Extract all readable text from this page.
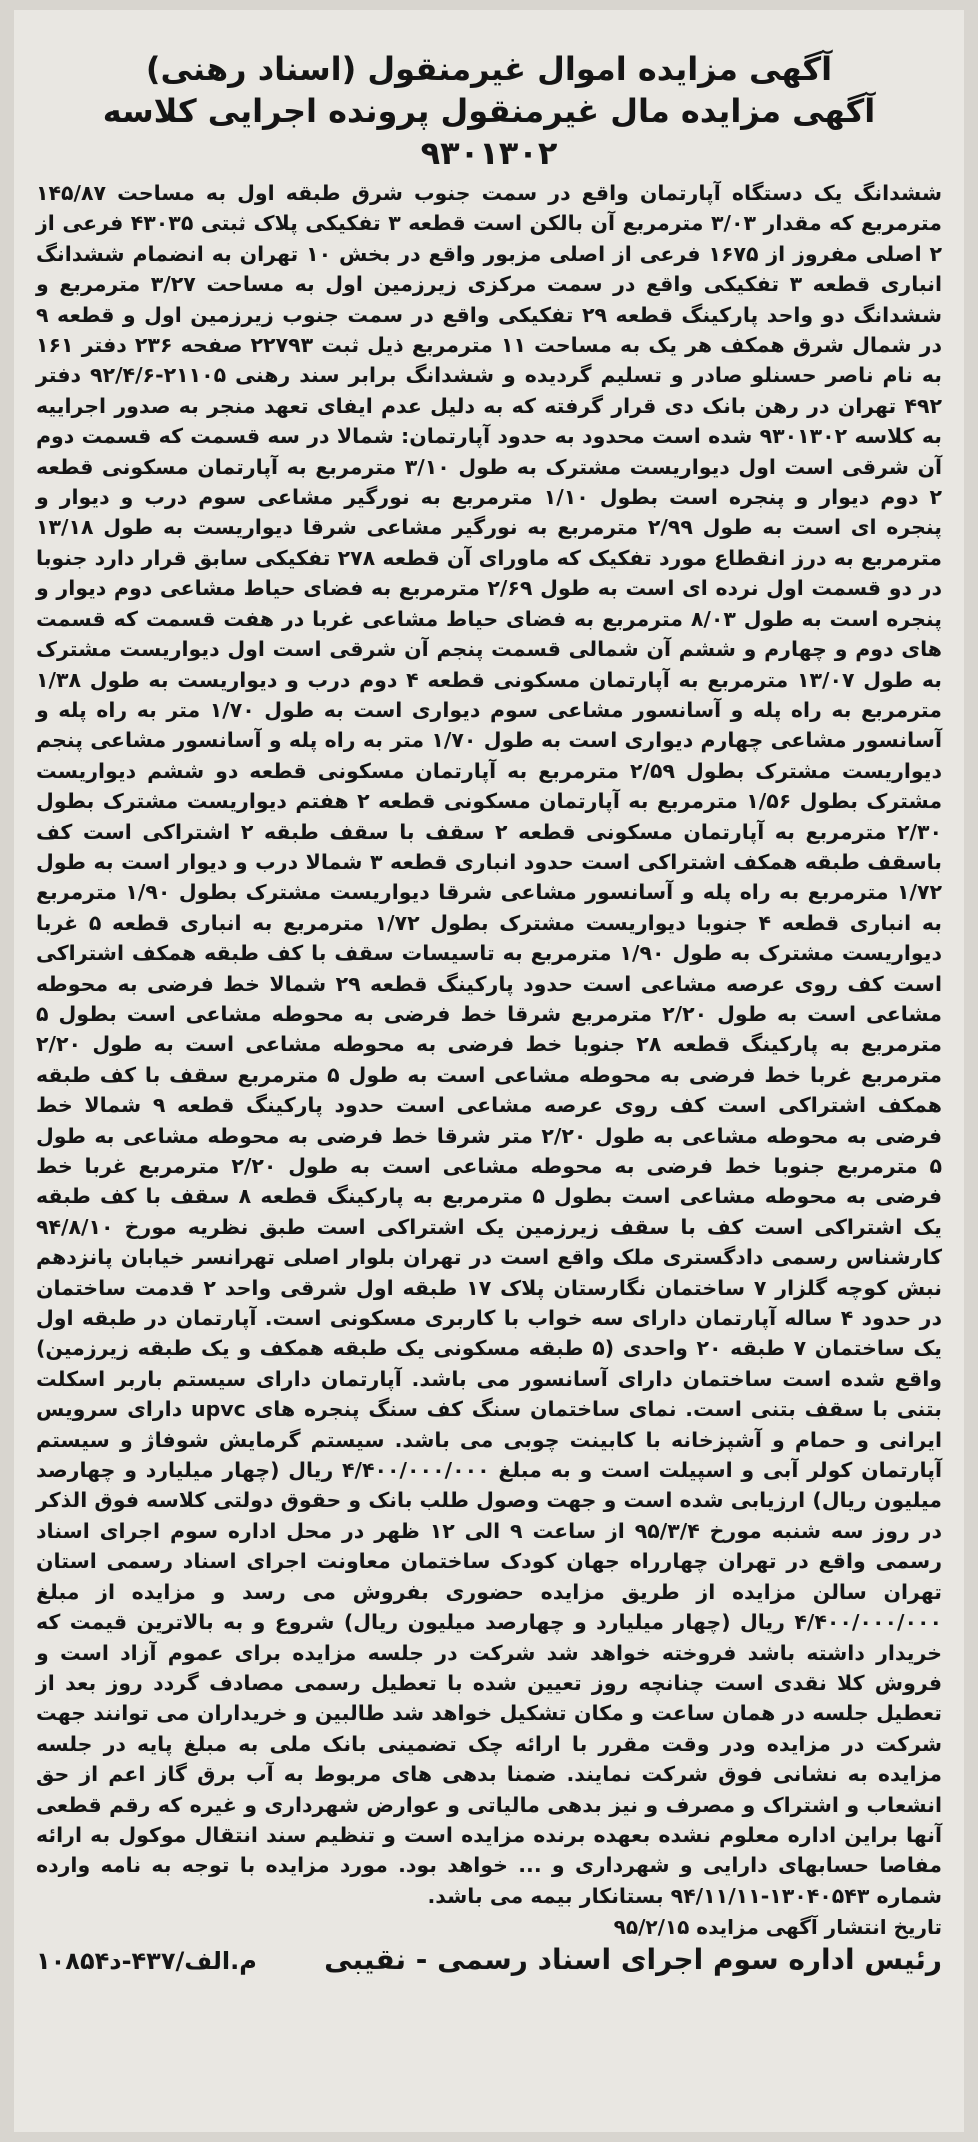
آگهی مزایده اموال غیرمنقول (اسناد رهنی)
آگهی مزایده مال غیرمنقول پرونده اجرایی کلاسه ۹۳۰۱۳۰۲

ششدانگ یک دستگاه آپارتمان واقع در سمت جنوب شرق طبقه اول به مساحت ۱۴۵/۸۷ مترمربع که مقدار ۳/۰۳ مترمربع آن بالکن است قطعه ۳ تفکیکی پلاک ثبتی ۴۳۰۳۵ فرعی از ۲ اصلی مفروز از ۱۶۷۵ فرعی از اصلی مزبور واقع در بخش ۱۰ تهران به انضمام ششدانگ انباری قطعه ۳ تفکیکی واقع در سمت مرکزی زیرزمین اول به مساحت ۳/۲۷ مترمربع و ششدانگ دو واحد پارکینگ قطعه ۲۹ تفکیکی واقع در سمت جنوب زیرزمین اول و قطعه ۹ در شمال شرق همکف هر یک به مساحت ۱۱ مترمربع ذیل ثبت ۲۲۷۹۳ صفحه ۲۳۶ دفتر ۱۶۱ به نام ناصر حسنلو صادر و تسلیم گردیده و ششدانگ برابر سند رهنی ۲۱۱۰۵-۹۲/۴/۶ دفتر ۴۹۲ تهران در رهن بانک دی قرار گرفته که به دلیل عدم ایفای تعهد منجر به صدور اجراییه به کلاسه ۹۳۰۱۳۰۲ شده است محدود به حدود آپارتمان: شمالا در سه قسمت که قسمت دوم آن شرقی است اول دیواریست مشترک به طول ۳/۱۰ مترمربع به آپارتمان مسکونی قطعه ۲ دوم دیوار و پنجره است بطول ۱/۱۰ مترمربع به نورگیر مشاعی سوم درب و دیوار و پنجره ای است به طول ۲/۹۹ مترمربع به نورگیر مشاعی شرقا دیواریست به طول ۱۳/۱۸ مترمربع به درز انقطاع مورد تفکیک که ماورای آن قطعه ۲۷۸ تفکیکی سابق قرار دارد جنوبا در دو قسمت اول نرده ای است به طول ۲/۶۹ مترمربع به فضای حیاط مشاعی دوم دیوار و پنجره است به طول ۸/۰۳ مترمربع به فضای حیاط مشاعی غربا در هفت قسمت که قسمت های دوم و چهارم و ششم آن شمالی قسمت پنجم آن شرقی است اول دیواریست مشترک به طول ۱۳/۰۷ مترمربع به آپارتمان مسکونی قطعه ۴ دوم درب و دیواریست به طول ۱/۳۸ مترمربع به راه پله و آسانسور مشاعی سوم دیواری است به طول ۱/۷۰ متر به راه پله و آسانسور مشاعی چهارم دیواری است به طول ۱/۷۰ متر به راه پله و آسانسور مشاعی پنجم دیواریست مشترک بطول ۲/۵۹ مترمربع به آپارتمان مسکونی قطعه دو ششم دیواریست مشترک بطول ۱/۵۶ مترمربع به آپارتمان مسکونی قطعه ۲ هفتم دیواریست مشترک بطول ۲/۳۰ مترمربع به آپارتمان مسکونی قطعه ۲ سقف با سقف طبقه ۲ اشتراکی است کف باسقف طبقه همکف اشتراکی است حدود انباری قطعه ۳ شمالا درب و دیوار است به طول ۱/۷۲ مترمربع به راه پله و آسانسور مشاعی شرقا دیواریست مشترک بطول ۱/۹۰ مترمربع به انباری قطعه ۴ جنوبا دیواریست مشترک بطول ۱/۷۲ مترمربع به انباری قطعه ۵ غربا دیواریست مشترک به طول ۱/۹۰ مترمربع به تاسیسات سقف با کف طبقه همکف اشتراکی است کف روی عرصه مشاعی است حدود پارکینگ قطعه ۲۹ شمالا خط فرضی به محوطه مشاعی است به طول ۲/۲۰ مترمربع شرقا خط فرضی به محوطه مشاعی است بطول ۵ مترمربع به پارکینگ قطعه ۲۸ جنوبا خط فرضی به محوطه مشاعی است به طول ۲/۲۰ مترمربع غربا خط فرضی به محوطه مشاعی است به طول ۵ مترمربع سقف با کف طبقه همکف اشتراکی است کف روی عرصه مشاعی است حدود پارکینگ قطعه ۹ شمالا خط فرضی به محوطه مشاعی به طول ۲/۲۰ متر شرقا خط فرضی به محوطه مشاعی به طول ۵ مترمربع جنوبا خط فرضی به محوطه مشاعی است به طول ۲/۲۰ مترمربع غربا خط فرضی به محوطه مشاعی است بطول ۵ مترمربع به پارکینگ قطعه ۸ سقف با کف طبقه یک اشتراکی است کف با سقف زیرزمین یک اشتراکی است طبق نظریه مورخ ۹۴/۸/۱۰ کارشناس رسمی دادگستری ملک واقع است در تهران بلوار اصلی تهرانسر خیابان پانزدهم نبش کوچه گلزار ۷ ساختمان نگارستان پلاک ۱۷ طبقه اول شرقی واحد ۲ قدمت ساختمان در حدود ۴ ساله آپارتمان دارای سه خواب با کاربری مسکونی است. آپارتمان در طبقه اول یک ساختمان ۷ طبقه ۲۰ واحدی (۵ طبقه مسکونی یک طبقه همکف و یک طبقه زیرزمین) واقع شده است ساختمان دارای آسانسور می باشد. آپارتمان دارای سیستم باربر اسکلت بتنی با سقف بتنی است. نمای ساختمان سنگ کف سنگ پنجره های upvc دارای سرویس ایرانی و حمام و آشپزخانه با کابینت چوبی می باشد. سیستم گرمایش شوفاژ و سیستم آپارتمان کولر آبی و اسپیلت است و به مبلغ ۴/۴۰۰/۰۰۰/۰۰۰ ریال (چهار میلیارد و چهارصد میلیون ریال) ارزیابی شده است و جهت وصول طلب بانک و حقوق دولتی کلاسه فوق الذکر در روز سه شنبه مورخ ۹۵/۳/۴ از ساعت ۹ الی ۱۲ ظهر در محل اداره سوم اجرای اسناد رسمی واقع در تهران چهارراه جهان کودک ساختمان معاونت اجرای اسناد رسمی استان تهران سالن مزایده از طریق مزایده حضوری بفروش می رسد و مزایده از مبلغ ۴/۴۰۰/۰۰۰/۰۰۰ ریال (چهار میلیارد و چهارصد میلیون ریال) شروع و به بالاترین قیمت که خریدار داشته باشد فروخته خواهد شد شرکت در جلسه مزایده برای عموم آزاد است و فروش کلا نقدی است چنانچه روز تعیین شده با تعطیل رسمی مصادف گردد روز بعد از تعطیل جلسه در همان ساعت و مکان تشکیل خواهد شد طالبین و خریداران می توانند جهت شرکت در مزایده ودر وقت مقرر با ارائه چک تضمینی بانک ملی به مبلغ پایه در جلسه مزایده به نشانی فوق شرکت نمایند. ضمنا بدهی های مربوط به آب برق گاز اعم از حق انشعاب و اشتراک و مصرف و نیز بدهی مالیاتی و عوارض شهرداری و غیره که رقم قطعی آنها براین اداره معلوم نشده بعهده برنده مزایده است و تنظیم سند انتقال موکول به ارائه مفاصا حسابهای دارایی و شهرداری و ... خواهد بود. مورد مزایده با توجه به نامه وارده شماره ۱۳۰۴۰۵۴۳-۹۴/۱۱/۱۱ بستانکار بیمه می باشد.

تاریخ انتشار آگهی مزایده ۹۵/۲/۱۵
رئیس اداره سوم اجرای اسناد رسمی - نقیبی
۱۰۸۵۴م.الف/۴۳۷-د
